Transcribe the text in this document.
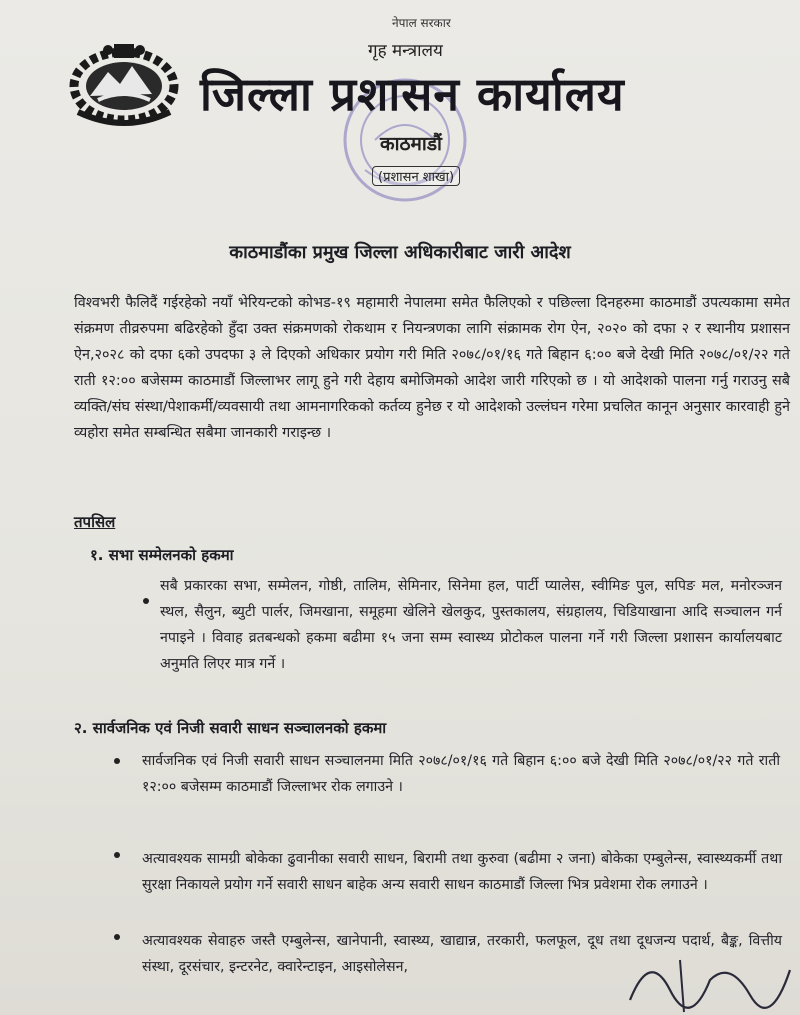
नेपाल सरकार
गृह मन्त्रालय
जिल्ला प्रशासन कार्यालय
काठमाडौं
(प्रशासन शाखा)
काठमाडौंका प्रमुख जिल्ला अधिकारीबाट जारी आदेश
विश्वभरी फैलिदैं गईरहेको नयाँ भेरियन्टको कोभड-१९ महामारी नेपालमा समेत फैलिएको र पछिल्ला दिनहरुमा काठमाडौं उपत्यकामा समेत संक्रमण तीव्ररुपमा बढिरहेको हुँदा उक्त संक्रमणको रोकथाम र नियन्त्रणका लागि संक्रामक रोग ऐन, २०२० को दफा २ र स्थानीय प्रशासन ऐन,२०२८ को दफा ६को उपदफा ३ ले दिएको अधिकार प्रयोग गरी मिति २०७८/०१/१६ गते बिहान ६:०० बजे देखी मिति २०७८/०१/२२ गते राती १२:०० बजेसम्म काठमाडौं जिल्लाभर लागू हुने गरी देहाय बमोजिमको आदेश जारी गरिएको छ । यो आदेशको पालना गर्नु गराउनु सबै व्यक्ति/संघ संस्था/पेशाकर्मी/व्यवसायी तथा आमनागरिकको कर्तव्य हुनेछ र यो आदेशको उल्लंघन गरेमा प्रचलित कानून अनुसार कारवाही हुने व्यहोरा समेत सम्बन्धित सबैमा जानकारी गराइन्छ ।
तपसिल
१. सभा सम्मेलनको हकमा
सबै प्रकारका सभा, सम्मेलन, गोष्ठी, तालिम, सेमिनार, सिनेमा हल, पार्टी प्यालेस, स्वीमिङ पुल, सपिङ मल, मनोरञ्जन स्थल, सैलुन, ब्युटी पार्लर, जिमखाना, समूहमा खेलिने खेलकुद, पुस्तकालय, संग्रहालय, चिडियाखाना आदि सञ्चालन गर्न नपाइने । विवाह व्रतबन्धको हकमा बढीमा १५ जना सम्म स्वास्थ्य प्रोटोकल पालना गर्ने गरी जिल्ला प्रशासन कार्यालयबाट अनुमति लिएर मात्र गर्ने ।
२. सार्वजनिक एवं निजी सवारी साधन सञ्चालनको हकमा
सार्वजनिक एवं निजी सवारी साधन सञ्चालनमा मिति २०७८/०१/१६ गते बिहान ६:०० बजे देखी मिति २०७८/०१/२२ गते राती १२:०० बजेसम्म काठमाडौं जिल्लाभर रोक लगाउने ।
अत्यावश्यक सामग्री बोकेका ढुवानीका सवारी साधन, बिरामी तथा कुरुवा (बढीमा २ जना) बोकेका एम्बुलेन्स, स्वास्थ्यकर्मी तथा सुरक्षा निकायले प्रयोग गर्ने सवारी साधन बाहेक अन्य सवारी साधन काठमाडौं जिल्ला भित्र प्रवेशमा रोक लगाउने ।
अत्यावश्यक सेवाहरु जस्तै एम्बुलेन्स, खानेपानी, स्वास्थ्य, खाद्यान्न, तरकारी, फलफूल, दूध तथा दूधजन्य पदार्थ, बैङ्क, वित्तीय संस्था, दूरसंचार, इन्टरनेट, क्वारेन्टाइन, आइसोलेसन,
